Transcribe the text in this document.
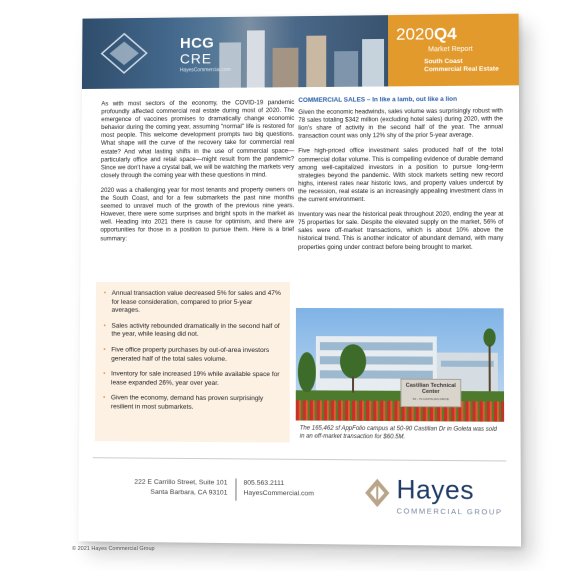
HCG
CRE
HayesCommercial.com
2020Q4
Market Report
South Coast
Commercial Real Estate

As with most sectors of the economy, the COVID-19 pandemic profoundly affected commercial real estate during most of 2020. The emergence of vaccines promises to dramatically change economic behavior during the coming year, assuming "normal" life is restored for most people. This welcome development prompts two big questions. What shape will the curve of the recovery take for commercial real estate? And what lasting shifts in the use of commercial space—particularly office and retail space—might result from the pandemic? Since we don't have a crystal ball, we will be watching the markets very closely through the coming year with these questions in mind.

2020 was a challenging year for most tenants and property owners on the South Coast, and for a few submarkets the past nine months seemed to unravel much of the growth of the previous nine years. However, there were some surprises and bright spots in the market as well. Heading into 2021 there is cause for optimism, and there are opportunities for those in a position to pursue them. Here is a brief summary:

• Annual transaction value decreased 5% for sales and 47% for lease consideration, compared to prior 5-year averages.
• Sales activity rebounded dramatically in the second half of the year, while leasing did not.
• Five office property purchases by out-of-area investors generated half of the total sales volume.
• Inventory for sale increased 19% while available space for lease expanded 26%, year over year.
• Given the economy, demand has proven surprisingly resilient in most submarkets.
COMMERCIAL SALES – In like a lamb, out like a lion

Given the economic headwinds, sales volume was surprisingly robust with 78 sales totaling $342 million (excluding hotel sales) during 2020, with the lion's share of activity in the second half of the year. The annual transaction count was only 12% shy of the prior 5-year average.

Five high-priced office investment sales produced half of the total commercial dollar volume. This is compelling evidence of durable demand among well-capitalized investors in a position to pursue long-term strategies beyond the pandemic. With stock markets setting new record highs, interest rates near historic lows, and property values undercut by the recession, real estate is an increasingly appealing investment class in the current environment.

Inventory was near the historical peak throughout 2020, ending the year at 75 properties for sale. Despite the elevated supply on the market, 56% of sales were off-market transactions, which is about 10% above the historical trend. This is another indicator of abundant demand, with many properties going under contract before being brought to market.

Castilian Technical
Center
50 - 70 CASTILIAN DRIVE
The 165,462 sf AppFolio campus at 50-90 Castilian Dr in Goleta was sold in an off-market transaction for $60.5M.
222 E Carrillo Street, Suite 101
Santa Barbara, CA 93101
805.563.2111
HayesCommercial.com	Hayes
COMMERCIAL GROUP
© 2021 Hayes Commercial Group
